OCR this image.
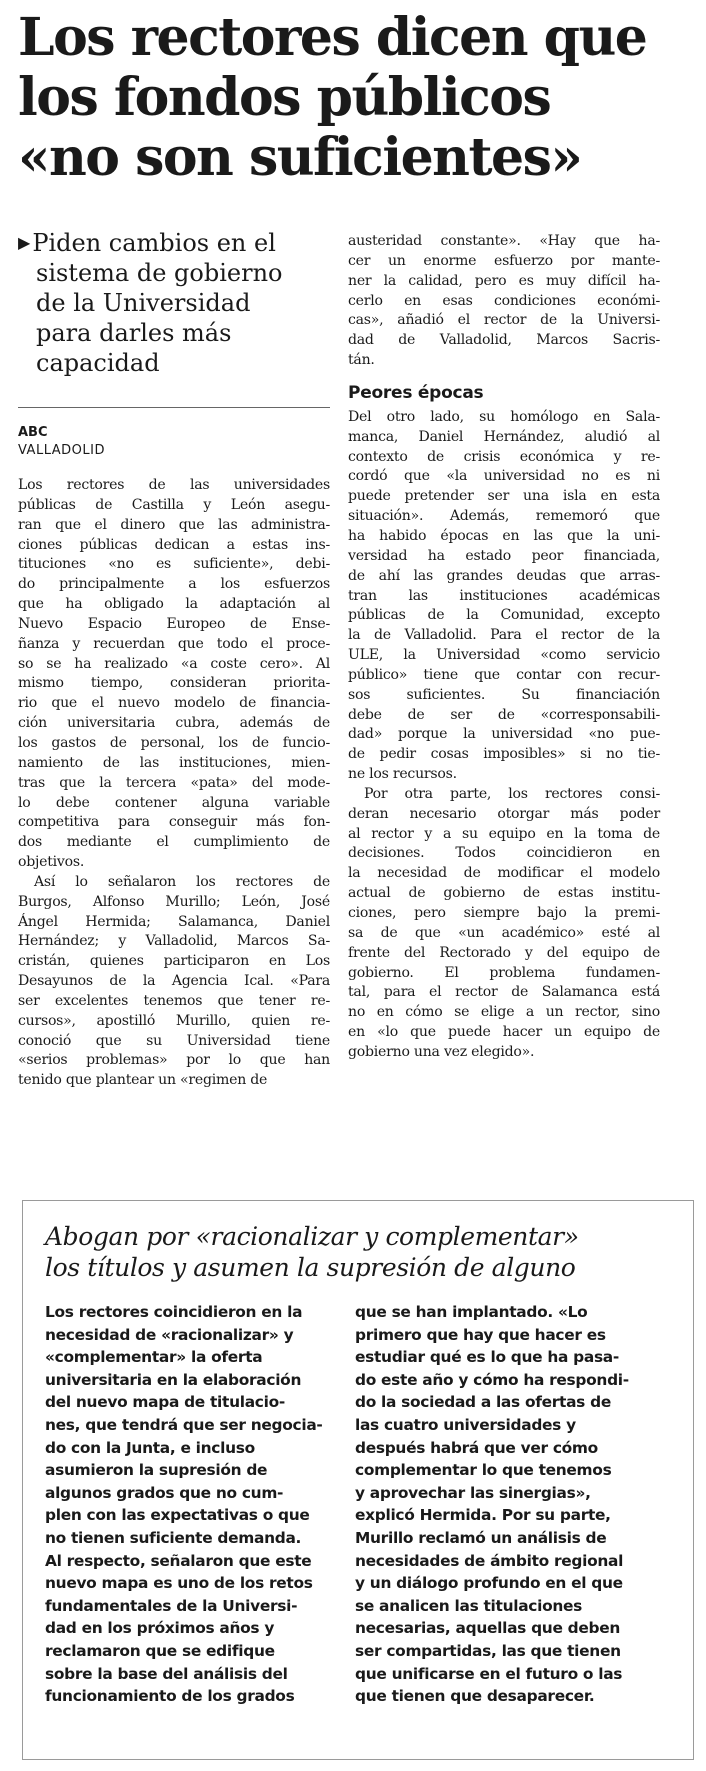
Los rectores dicen que
los fondos públicos
«no son suficientes»
▶Piden cambios en el
sistema de gobierno
de la Universidad
para darles más
capacidad
ABC
VALLADOLID
Los rectores de las universidades
públicas de Castilla y León asegu-
ran que el dinero que las administra-
ciones públicas dedican a estas ins-
tituciones «no es suficiente», debi-
do principalmente a los esfuerzos
que ha obligado la adaptación al
Nuevo Espacio Europeo de Ense-
ñanza y recuerdan que todo el proce-
so se ha realizado «a coste cero». Al
mismo tiempo, consideran priorita-
rio que el nuevo modelo de financia-
ción universitaria cubra, además de
los gastos de personal, los de funcio-
namiento de las instituciones, mien-
tras que la tercera «pata» del mode-
lo debe contener alguna variable
competitiva para conseguir más fon-
dos mediante el cumplimiento de
objetivos.
Así lo señalaron los rectores de
Burgos, Alfonso Murillo; León, José
Ángel Hermida; Salamanca, Daniel
Hernández; y Valladolid, Marcos Sa-
cristán, quienes participaron en Los
Desayunos de la Agencia Ical. «Para
ser excelentes tenemos que tener re-
cursos», apostilló Murillo, quien re-
conoció que su Universidad tiene
«serios problemas» por lo que han
tenido que plantear un «regimen de
austeridad constante». «Hay que ha-
cer un enorme esfuerzo por mante-
ner la calidad, pero es muy difícil ha-
cerlo en esas condiciones económi-
cas», añadió el rector de la Universi-
dad de Valladolid, Marcos Sacris-
tán.
Peores épocas
Del otro lado, su homólogo en Sala-
manca, Daniel Hernández, aludió al
contexto de crisis económica y re-
cordó que «la universidad no es ni
puede pretender ser una isla en esta
situación». Además, rememoró que
ha habido épocas en las que la uni-
versidad ha estado peor financiada,
de ahí las grandes deudas que arras-
tran las instituciones académicas
públicas de la Comunidad, excepto
la de Valladolid. Para el rector de la
ULE, la Universidad «como servicio
público» tiene que contar con recur-
sos suficientes. Su financiación
debe de ser de «corresponsabili-
dad» porque la universidad «no pue-
de pedir cosas imposibles» si no tie-
ne los recursos.
Por otra parte, los rectores consi-
deran necesario otorgar más poder
al rector y a su equipo en la toma de
decisiones. Todos coincidieron en
la necesidad de modificar el modelo
actual de gobierno de estas institu-
ciones, pero siempre bajo la premi-
sa de que «un académico» esté al
frente del Rectorado y del equipo de
gobierno. El problema fundamen-
tal, para el rector de Salamanca está
no en cómo se elige a un rector, sino
en «lo que puede hacer un equipo de
gobierno una vez elegido».
Abogan por «racionalizar y complementar»
los títulos y asumen la supresión de alguno
Los rectores coincidieron en la
necesidad de «racionalizar» y
«complementar» la oferta
universitaria en la elaboración
del nuevo mapa de titulacio-
nes, que tendrá que ser negocia-
do con la Junta, e incluso
asumieron la supresión de
algunos grados que no cum-
plen con las expectativas o que
no tienen suficiente demanda.
Al respecto, señalaron que este
nuevo mapa es uno de los retos
fundamentales de la Universi-
dad en los próximos años y
reclamaron que se edifique
sobre la base del análisis del
funcionamiento de los grados
que se han implantado. «Lo
primero que hay que hacer es
estudiar qué es lo que ha pasa-
do este año y cómo ha respondi-
do la sociedad a las ofertas de
las cuatro universidades y
después habrá que ver cómo
complementar lo que tenemos
y aprovechar las sinergias»,
explicó Hermida. Por su parte,
Murillo reclamó un análisis de
necesidades de ámbito regional
y un diálogo profundo en el que
se analicen las titulaciones
necesarias, aquellas que deben
ser compartidas, las que tienen
que unificarse en el futuro o las
que tienen que desaparecer.
